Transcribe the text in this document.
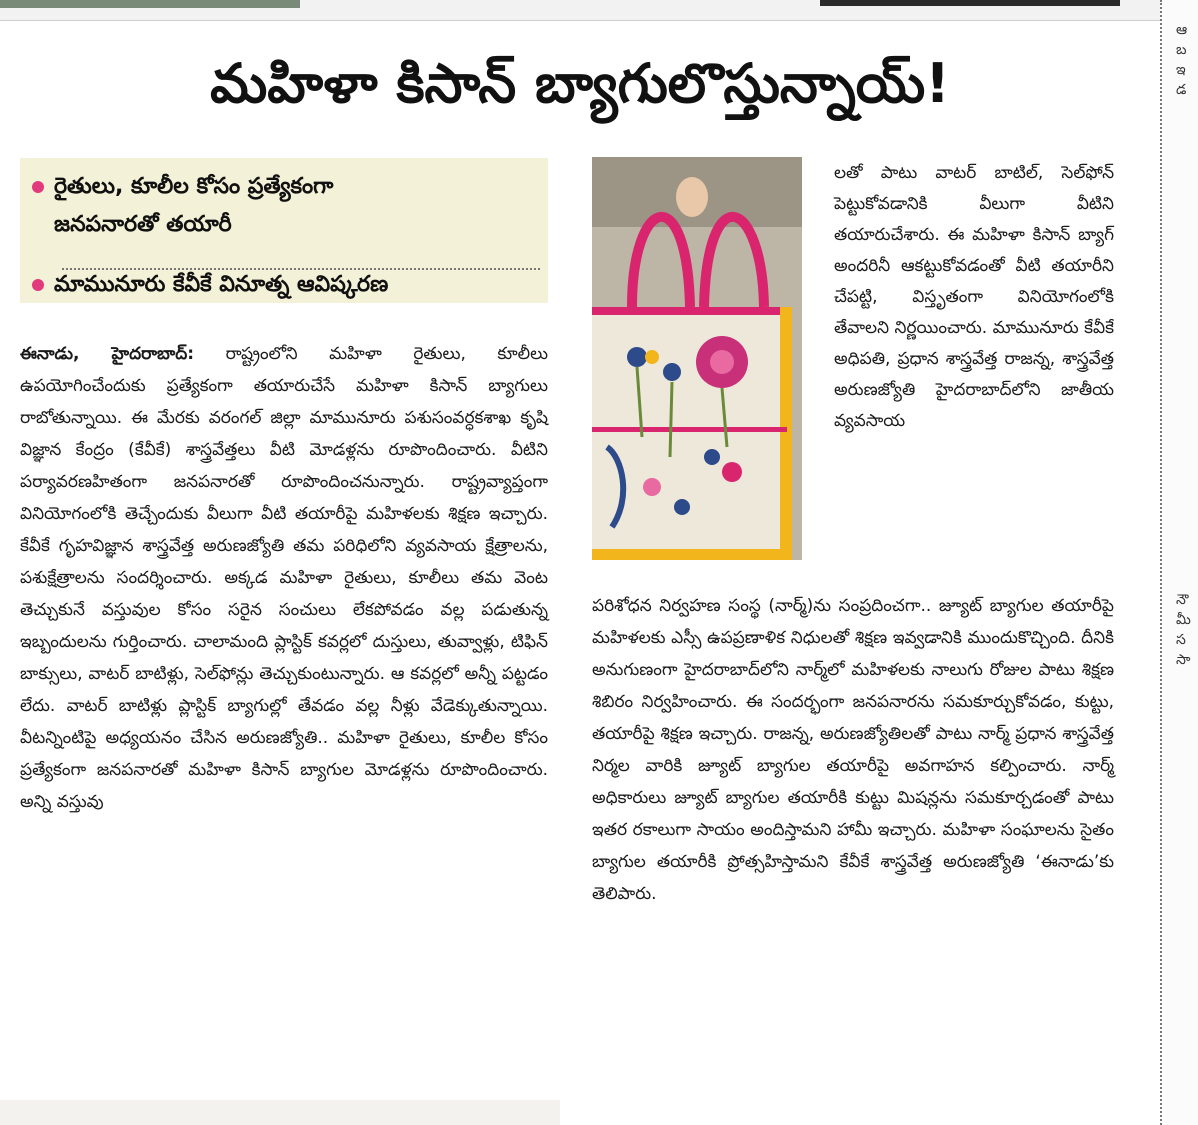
ఆబ ఇ డ
నౌ మీ స సా
మహిళా కిసాన్ బ్యాగులొస్తున్నాయ్!
రైతులు, కూలీల కోసం ప్రత్యేకంగా
జనపనారతో తయారీ
మామునూరు కేవీకే వినూత్న ఆవిష్కరణ

ఈనాడు, హైదరాబాద్: రాష్ట్రంలోని మహిళా రైతులు, కూలీలు ఉపయోగించేందుకు ప్రత్యేకంగా తయారుచేసే మహిళా కిసాన్ బ్యాగులు రాబోతున్నాయి. ఈ మేరకు వరంగల్ జిల్లా మామునూరు పశుసంవర్ధకశాఖ కృషి విజ్ఞాన కేంద్రం (కేవీకే) శాస్త్రవేత్తలు వీటి మోడళ్లను రూపొందించారు. వీటిని పర్యావరణహితంగా జనపనారతో రూపొందించనున్నారు. రాష్ట్రవ్యాప్తంగా వినియోగంలోకి తెచ్చేందుకు వీలుగా వీటి తయారీపై మహిళలకు శిక్షణ ఇచ్చారు. కేవీకే గృహవిజ్ఞాన శాస్త్రవేత్త అరుణజ్యోతి తమ పరిధిలోని వ్యవసాయ క్షేత్రాలను, పశుక్షేత్రాలను సందర్శించారు. అక్కడ మహిళా రైతులు, కూలీలు తమ వెంట తెచ్చుకునే వస్తువుల కోసం సరైన సంచులు లేకపోవడం వల్ల పడుతున్న ఇబ్బందులను గుర్తించారు. చాలామంది ప్లాస్టిక్ కవర్లలో దుస్తులు, తువ్వాళ్లు, టిఫిన్ బాక్సులు, వాటర్ బాటిళ్లు, సెల్‌ఫోన్లు తెచ్చుకుంటున్నారు. ఆ కవర్లలో అన్నీ పట్టడం లేదు. వాటర్ బాటిళ్లు ప్లాస్టిక్ బ్యాగుల్లో తేవడం వల్ల నీళ్లు వేడెక్కుతున్నాయి. వీటన్నింటిపై అధ్యయనం చేసిన అరుణజ్యోతి.. మహిళా రైతులు, కూలీల కోసం ప్రత్యేకంగా జనపనారతో మహిళా కిసాన్ బ్యాగుల మోడళ్లను రూపొందించారు. అన్ని వస్తువు

లతో పాటు వాటర్ బాటిల్, సెల్‌ఫోన్ పెట్టుకోవడానికి వీలుగా వీటిని తయారుచేశారు. ఈ మహిళా కిసాన్ బ్యాగ్ అందరినీ ఆకట్టుకోవడంతో వీటి తయారీని చేపట్టి, విస్తృతంగా వినియోగంలోకి తేవాలని నిర్ణయించారు. మామునూరు కేవీకే అధిపతి, ప్రధాన శాస్త్రవేత్త రాజన్న, శాస్త్రవేత్త అరుణజ్యోతి హైదరాబాద్‌లోని జాతీయ వ్యవసాయ

పరిశోధన నిర్వహణ సంస్థ (నార్మ్)ను సంప్రదించగా.. జ్యూట్ బ్యాగుల తయారీపై మహిళలకు ఎస్సీ ఉపప్రణాళిక నిధులతో శిక్షణ ఇవ్వడానికి ముందుకొచ్చింది. దీనికి అనుగుణంగా హైదరాబాద్‌లోని నార్మ్‌లో మహిళలకు నాలుగు రోజుల పాటు శిక్షణ శిబిరం నిర్వహించారు. ఈ సందర్భంగా జనపనారను సమకూర్చుకోవడం, కుట్టు, తయారీపై శిక్షణ ఇచ్చారు. రాజన్న, అరుణజ్యోతిలతో పాటు నార్మ్ ప్రధాన శాస్త్రవేత్త నిర్మల వారికి జ్యూట్ బ్యాగుల తయారీపై అవగాహన కల్పించారు. నార్మ్ అధికారులు జ్యూట్ బ్యాగుల తయారీకి కుట్టు మిషన్లను సమకూర్చడంతో పాటు ఇతర రకాలుగా సాయం అందిస్తామని హామీ ఇచ్చారు. మహిళా సంఘాలను సైతం బ్యాగుల తయారీకి ప్రోత్సహిస్తామని కేవీకే శాస్త్రవేత్త అరుణజ్యోతి ‘ఈనాడు’కు తెలిపారు.
